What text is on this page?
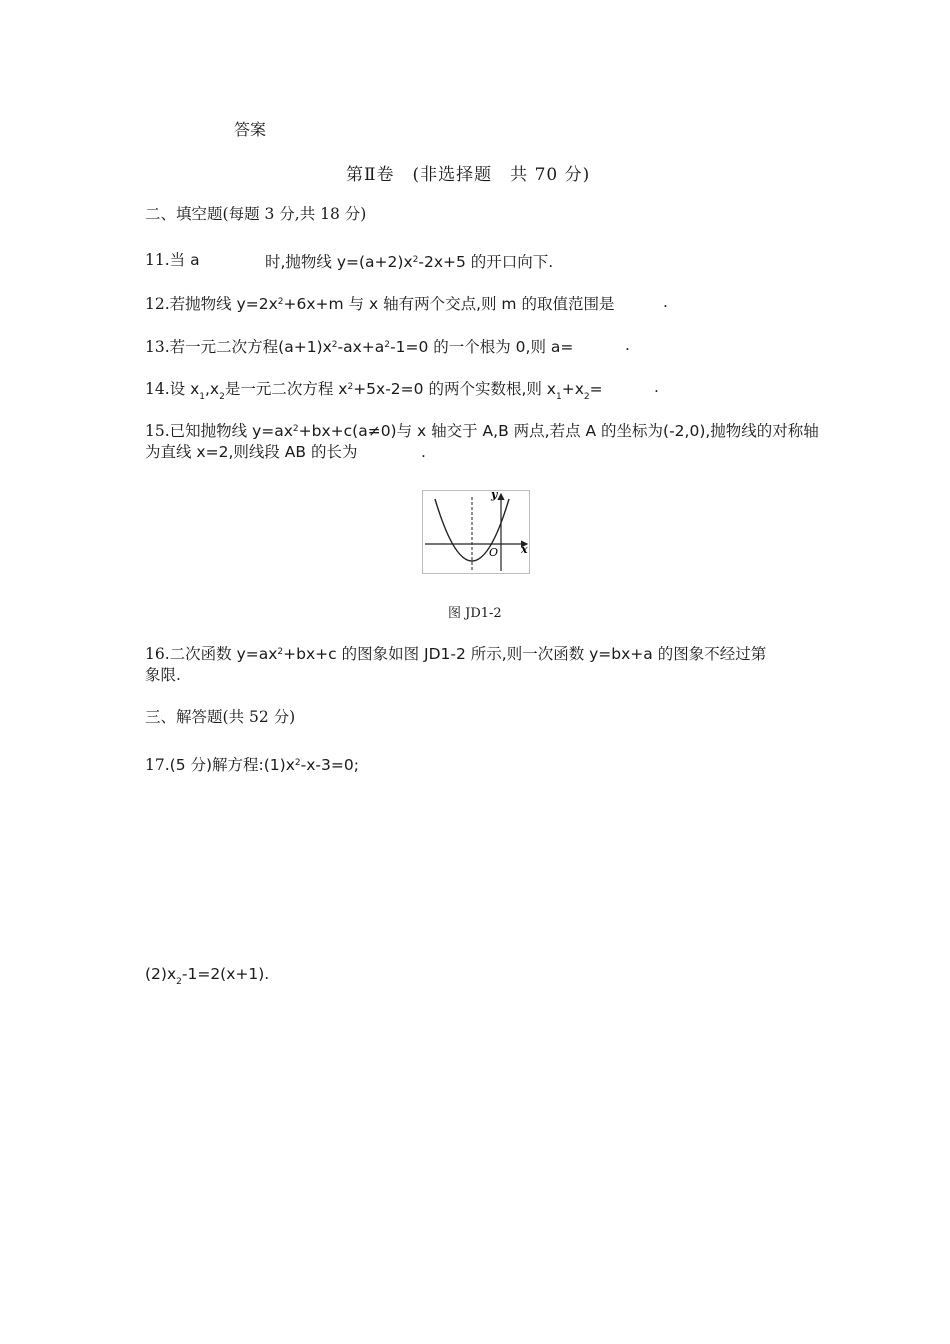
答案
第Ⅱ卷　(非选择题　共 70 分)
二、填空题(每题 3 分,共 18 分)
11.当 a	时,抛物线 $y=(a+2)x^2-2x+5$ 的开口向下.
12.若抛物线 $y=2x^2+6x+m$ 与 x 轴有两个交点,则 m 的取值范围是	.
13.若一元二次方程$(a+1)x^2-ax+a^2-1=0$ 的一个根为 0,则 a=	.
14.设 $x_1,x_2$是一元二次方程 $x^2+5x-2=0$ 的两个实数根,则 $x_1+x_2=$	.
15.已知抛物线 $y=ax^2+bx+c(a\ne 0)$与 x 轴交于 A,B 两点,若点 A 的坐标为(-2,0),抛物线的对称轴
为直线 x=2,则线段 AB 的长为	.
y
x
O
图 JD1-2
16.二次函数 $y=ax^2+bx+c$ 的图象如图 JD1-2 所示,则一次函数 y=bx+a 的图象不经过第
象限.
三、解答题(共 52 分)
17.(5 分)解方程$:(1)x^2-x-3=0$;
$(2)x_2-1=2(x+1)$.
